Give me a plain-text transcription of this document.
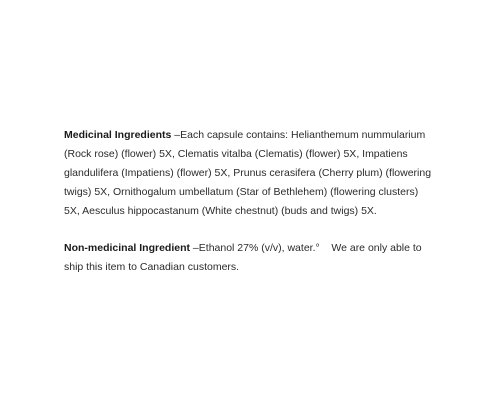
Medicinal Ingredients –Each capsule contains: Helianthemum nummularium (Rock rose) (flower) 5X, Clematis vitalba (Clematis) (flower) 5X, Impatiens glandulifera (Impatiens) (flower) 5X, Prunus cerasifera (Cherry plum) (flowering twigs) 5X, Ornithogalum umbellatum (Star of Bethlehem) (flowering clusters) 5X, Aesculus hippocastanum (White chestnut) (buds and twigs) 5X.

Non-medicinal Ingredient –Ethanol 27% (v/v), water.°    We are only able to ship this item to Canadian customers.
